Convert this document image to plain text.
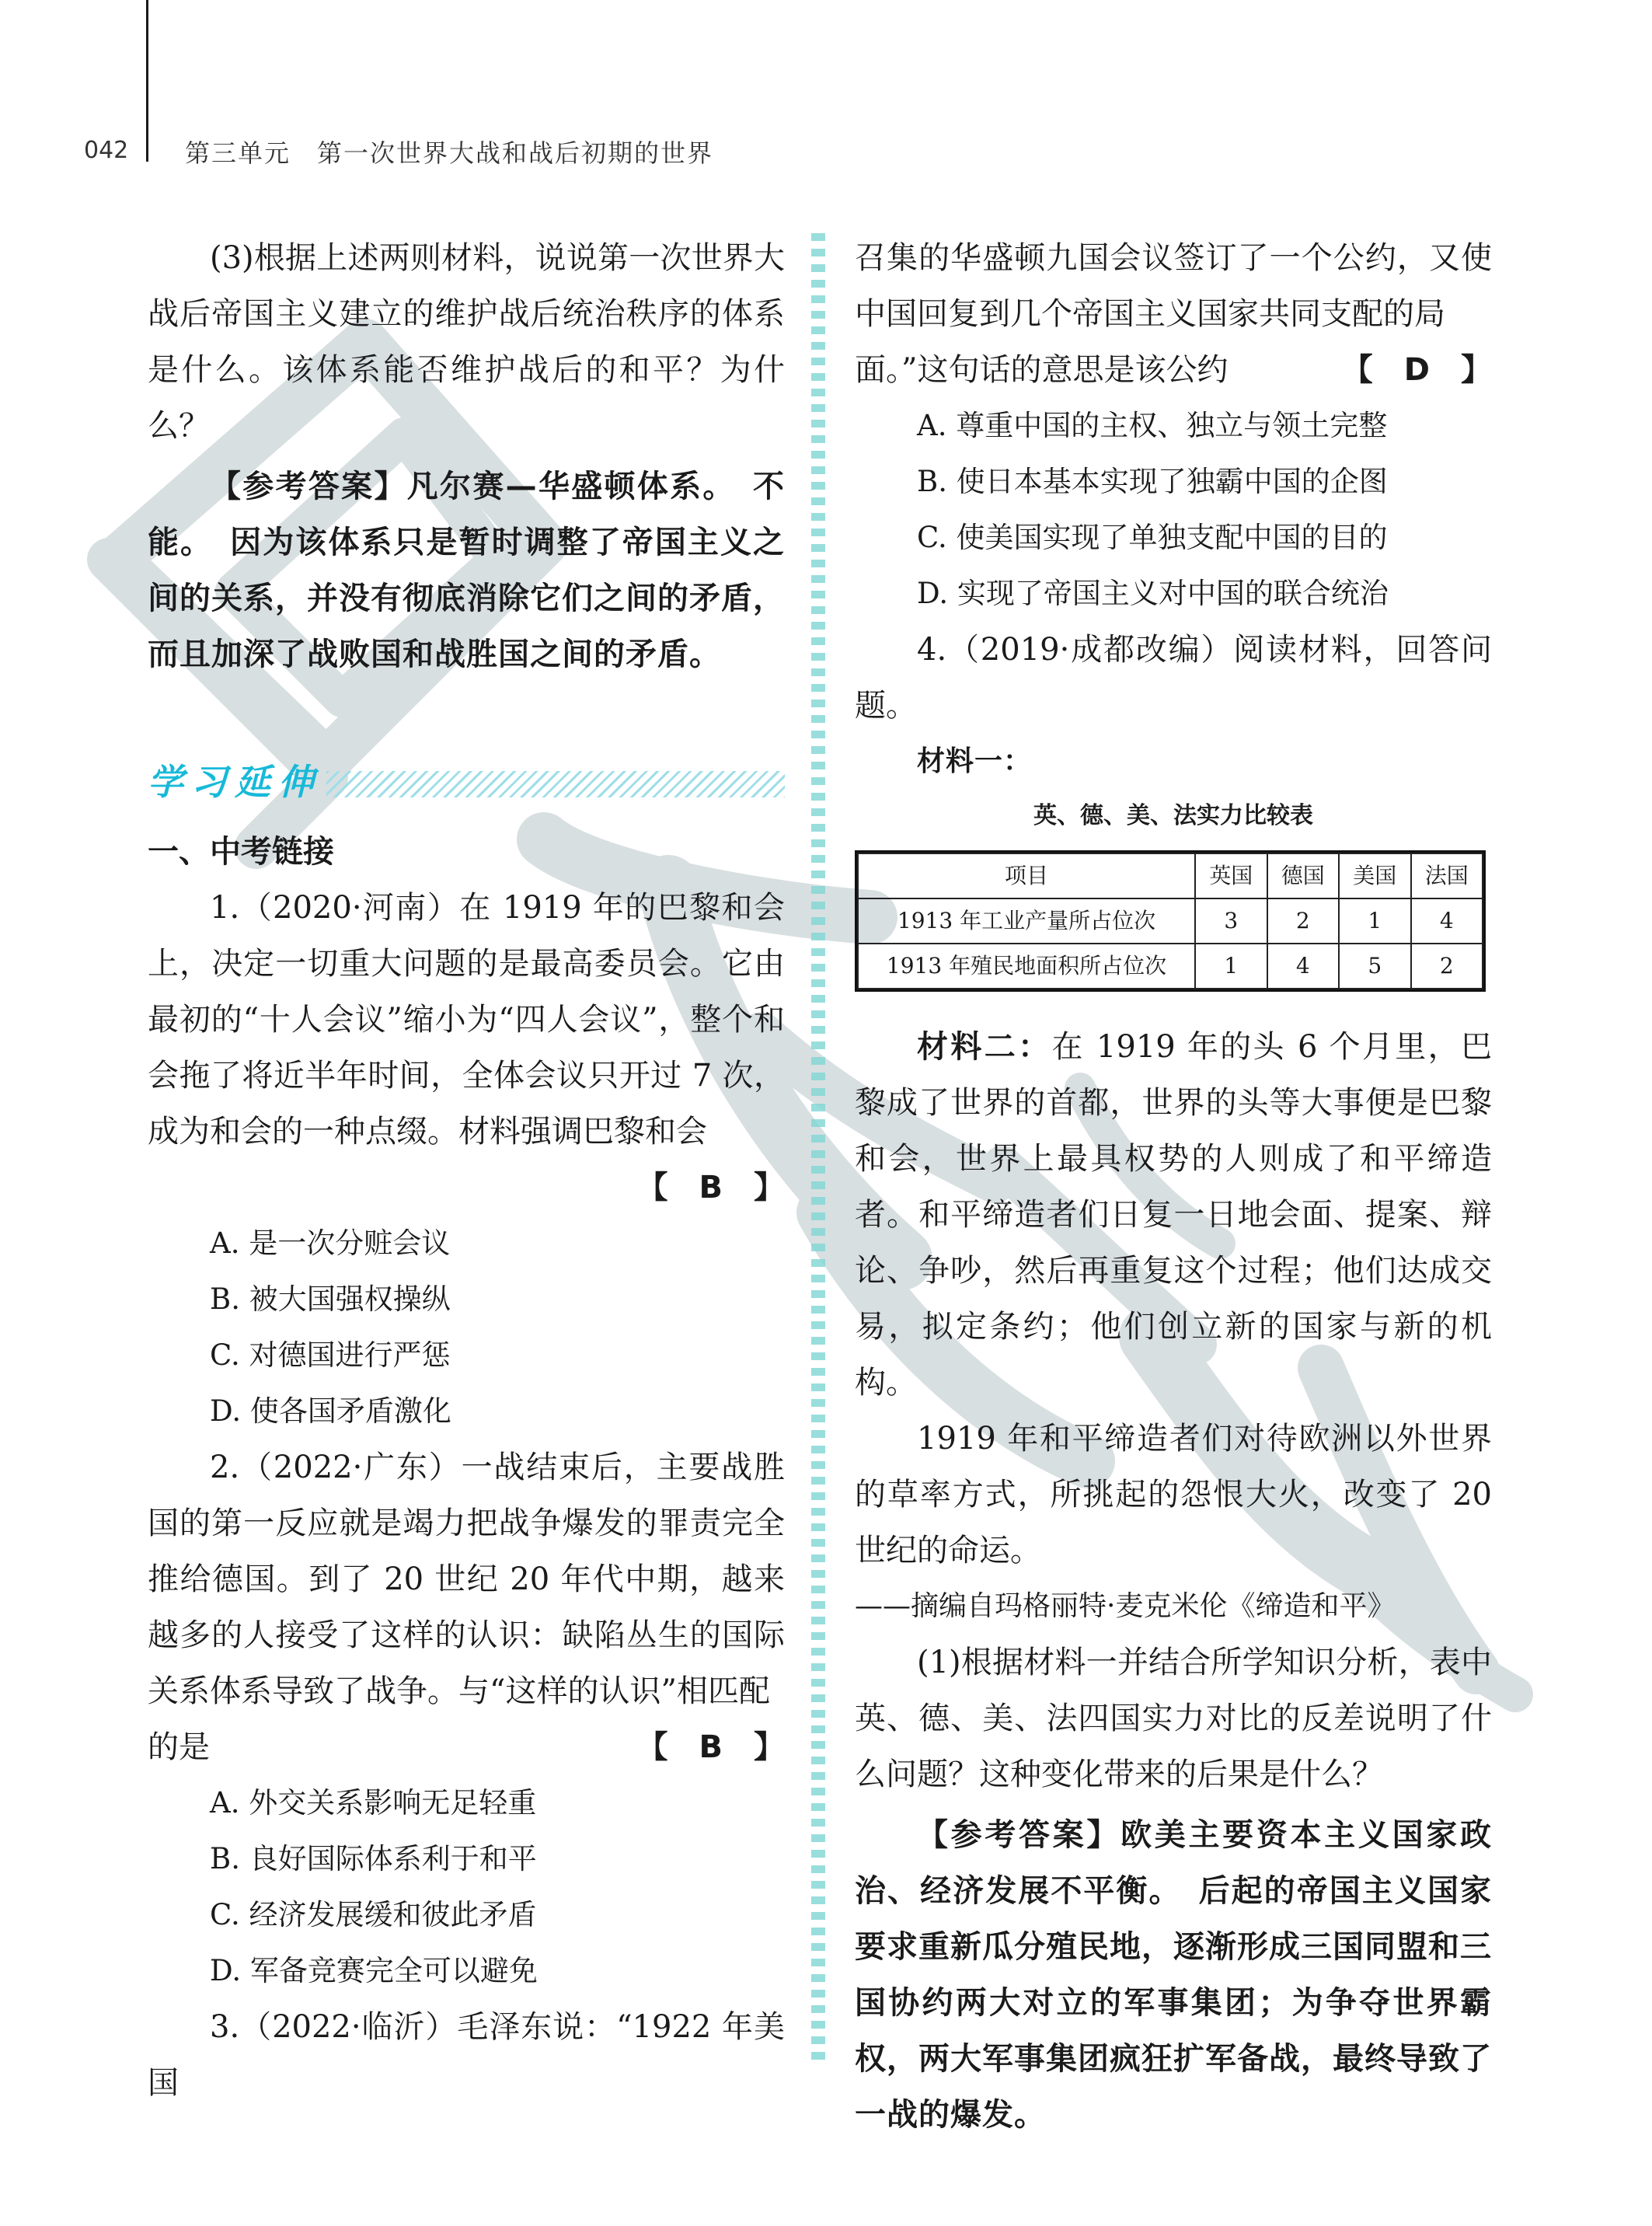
042 第三单元　第一次世界大战和战后初期的世界

(3)根据上述两则材料，说说第一次世界大战后帝国主义建立的维护战后统治秩序的体系是什么。该体系能否维护战后的和平？为什么？

【参考答案】凡尔赛—华盛顿体系。　不能。　因为该体系只是暂时调整了帝国主义之间的关系，并没有彻底消除它们之间的矛盾，而且加深了战败国和战胜国之间的矛盾。

学习延伸

一、中考链接

1.（2020·河南）在 1919 年的巴黎和会上，决定一切重大问题的是最高委员会。它由最初的“十人会议”缩小为“四人会议”，整个和会拖了将近半年时间，全体会议只开过 7 次，成为和会的一种点缀。材料强调巴黎和会

【　B　】

A. 是一次分赃会议

B. 被大国强权操纵

C. 对德国进行严惩

D. 使各国矛盾激化

2.（2022·广东）一战结束后，主要战胜国的第一反应就是竭力把战争爆发的罪责完全推给德国。到了 20 世纪 20 年代中期，越来越多的人接受了这样的认识：缺陷丛生的国际关系体系导致了战争。与“这样的认识”相匹配

的是	【　B　】

A. 外交关系影响无足轻重

B. 良好国际体系利于和平

C. 经济发展缓和彼此矛盾

D. 军备竞赛完全可以避免

3.（2022·临沂）毛泽东说：“1922 年美国

召集的华盛顿九国会议签订了一个公约，又使中国回复到几个帝国主义国家共同支配的局

面。”这句话的意思是该公约	【　D　】

A. 尊重中国的主权、独立与领土完整

B. 使日本基本实现了独霸中国的企图

C. 使美国实现了单独支配中国的目的

D. 实现了帝国主义对中国的联合统治

4.（2019·成都改编）阅读材料，回答问题。

材料一：

英、德、美、法实力比较表
项目	英国	德国	美国	法国
1913 年工业产量所占位次	3	2	1	4
1913 年殖民地面积所占位次	1	4	5	2

材料二：在 1919 年的头 6 个月里，巴黎成了世界的首都，世界的头等大事便是巴黎和会，世界上最具权势的人则成了和平缔造者。和平缔造者们日复一日地会面、提案、辩论、争吵，然后再重复这个过程；他们达成交易，拟定条约；他们创立新的国家与新的机构。

1919 年和平缔造者们对待欧洲以外世界的草率方式，所挑起的怨恨大火，改变了 20 世纪的命运。

——摘编自玛格丽特·麦克米伦《缔造和平》

(1)根据材料一并结合所学知识分析，表中英、德、美、法四国实力对比的反差说明了什么问题？这种变化带来的后果是什么？

【参考答案】欧美主要资本主义国家政治、经济发展不平衡。　后起的帝国主义国家要求重新瓜分殖民地，逐渐形成三国同盟和三国协约两大对立的军事集团；为争夺世界霸权，两大军事集团疯狂扩军备战，最终导致了一战的爆发。
